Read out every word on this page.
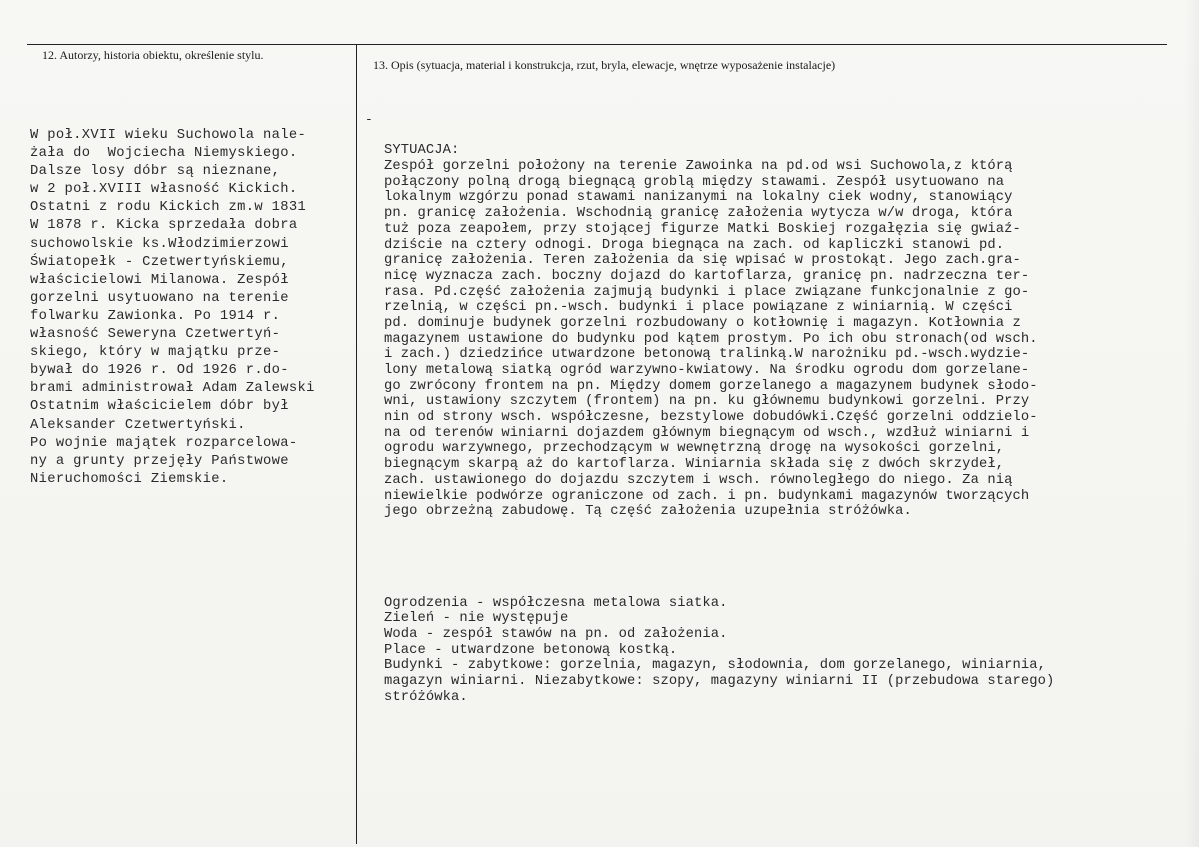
12. Autorzy, historia obiektu, określenie stylu.
13. Opis (sytuacja, material i konstrukcja, rzut, bryla, elewacje, wnętrze wyposażenie instalacje)
W poł.XVII wieku Suchowola nale-
żała do  Wojciecha Niemyskiego.
Dalsze losy dóbr są nieznane,
w 2 poł.XVIII własność Kickich.
Ostatni z rodu Kickich zm.w 1831
W 1878 r. Kicka sprzedała dobra
suchowolskie ks.Włodzimierzowi
Światopełk - Czetwertyńskiemu,
właścicielowi Milanowa. Zespół
gorzelni usytuowano na terenie
folwarku Zawionka. Po 1914 r.
własność Seweryna Czetwertyń-
skiego, który w majątku prze-
bywał do 1926 r. Od 1926 r.do-
brami administrował Adam Zalewski
Ostatnim właścicielem dóbr był
Aleksander Czetwertyński.
Po wojnie majątek rozparcelowa-
ny a grunty przejęły Państwowe
Nieruchomości Ziemskie.
-

SYTUACJA:
Zespół gorzelni położony na terenie Zawoinka na pd.od wsi Suchowola,z którą
połączony polną drogą biegnącą groblą między stawami. Zespół usytuowano na
lokalnym wzgórzu ponad stawami nanizanymi na lokalny ciek wodny, stanowiący
pn. granicę założenia. Wschodnią granicę założenia wytycza w/w droga, która
tuż poza zeapołem, przy stojącej figurze Matki Boskiej rozgałęzia się gwiaź-
dziście na cztery odnogi. Droga biegnąca na zach. od kapliczki stanowi pd.
granicę założenia. Teren założenia da się wpisać w prostokąt. Jego zach.gra-
nicę wyznacza zach. boczny dojazd do kartoflarza, granicę pn. nadrzeczna ter-
rasa. Pd.część założenia zajmują budynki i place związane funkcjonalnie z go-
rzelnią, w części pn.-wsch. budynki i place powiązane z winiarnią. W części
pd. dominuje budynek gorzelni rozbudowany o kotłownię i magazyn. Kotłownia z
magazynem ustawione do budynku pod kątem prostym. Po ich obu stronach(od wsch.
i zach.) dziedzińce utwardzone betonową tralinką.W narożniku pd.-wsch.wydzie-
lony metalową siatką ogród warzywno-kwiatowy. Na środku ogrodu dom gorzelane-
go zwrócony frontem na pn. Między domem gorzelanego a magazynem budynek słodo-
wni, ustawiony szczytem (frontem) na pn. ku głównemu budynkowi gorzelni. Przy
nin od strony wsch. współczesne, bezstylowe dobudówki.Część gorzelni oddzielo-
na od terenów winiarni dojazdem głównym biegnącym od wsch., wzdłuż winiarni i
ogrodu warzywnego, przechodzącym w wewnętrzną drogę na wysokości gorzelni,
biegnącym skarpą aż do kartoflarza. Winiarnia składa się z dwóch skrzydeł,
zach. ustawionego do dojazdu szczytem i wsch. równoległego do niego. Za nią
niewielkie podwórze ograniczone od zach. i pn. budynkami magazynów tworzących
jego obrzeżną zabudowę. Tą część założenia uzupełnia stróżówka.

Ogrodzenia - współczesna metalowa siatka.
Zieleń - nie występuje
Woda - zespół stawów na pn. od założenia.
Place - utwardzone betonową kostką.
Budynki - zabytkowe: gorzelnia, magazyn, słodownia, dom gorzelanego, winiarnia,
magazyn winiarni. Niezabytkowe: szopy, magazyny winiarni II (przebudowa starego)
stróżówka.
